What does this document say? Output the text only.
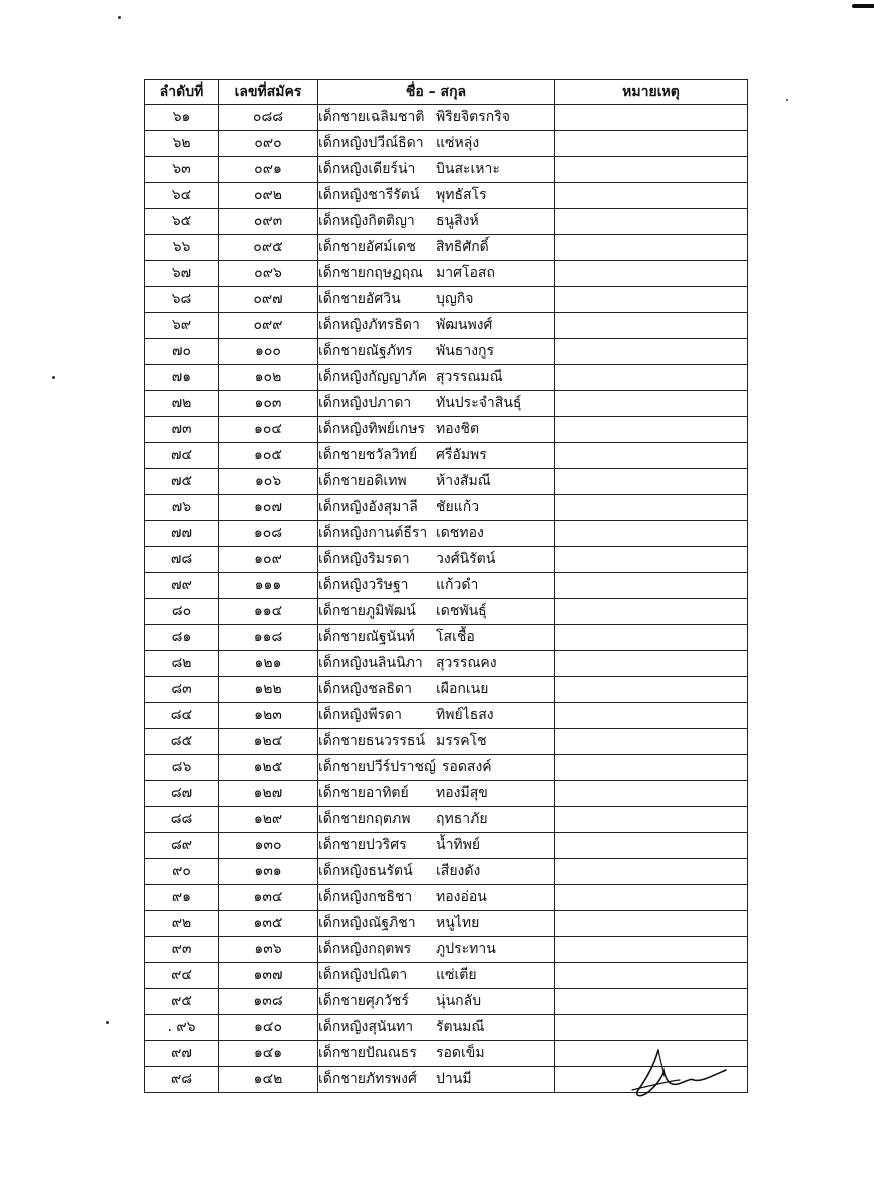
ลำดับที่	เลขที่สมัคร	ชื่อ – สกุล	หมายเหตุ
๖๑	๐๘๘	เด็กชายเฉลิมชาติ พิริยจิตรกริจ	
๖๒	๐๙๐	เด็กหญิงปวีณ์ธิดา แซ่หลุ่ง	
๖๓	๐๙๑	เด็กหญิงเดียร์น่า บินสะเหาะ	
๖๔	๐๙๒	เด็กหญิงชารีรัตน์ พุทธัสโร	
๖๕	๐๙๓	เด็กหญิงกิตติญา ธนูสิงห์	
๖๖	๐๙๕	เด็กชายอัศม์เดช สิทธิศักดิ์	
๖๗	๐๙๖	เด็กชายกฤษฏฤณ มาศโอสถ	
๖๘	๐๙๗	เด็กชายอัศวิน บุญกิจ	
๖๙	๐๙๙	เด็กหญิงภัทรธิดา พัฒนพงศ์	
๗๐	๑๐๐	เด็กชายณัฐภัทร พันธางกูร	
๗๑	๑๐๒	เด็กหญิงกัญญาภัค สุวรรณมณี	
๗๒	๑๐๓	เด็กหญิงปภาดา ทันประจำสินธุ์	
๗๓	๑๐๔	เด็กหญิงทิพย์เกษร ทองชิต	
๗๔	๑๐๕	เด็กชายชวัลวิทย์ ศรีอัมพร	
๗๕	๑๐๖	เด็กชายอดิเทพ ห้างสัมณี	
๗๖	๑๐๗	เด็กหญิงอังสุมาลี ชัยแก้ว	
๗๗	๑๐๘	เด็กหญิงกานต์ธีรา เดชทอง	
๗๘	๑๐๙	เด็กหญิงริมรดา วงศ์นิรัตน์	
๗๙	๑๑๑	เด็กหญิงวริษฐา แก้วดำ	
๘๐	๑๑๔	เด็กชายภูมิพัฒน์ เดชพันธุ์	
๘๑	๑๑๘	เด็กชายณัฐนันท์ โสเชื้อ	
๘๒	๑๒๑	เด็กหญิงนลินนิภา สุวรรณคง	
๘๓	๑๒๒	เด็กหญิงชลธิดา เผือกเนย	
๘๔	๑๒๓	เด็กหญิงพีรดา ทิพย์ไธสง	
๘๕	๑๒๔	เด็กชายธนวรรธน์ มรรคโช	
๘๖	๑๒๕	เด็กชายปวีร์ปราชญ์ รอดสงค์	
๘๗	๑๒๗	เด็กชายอาทิตย์ ทองมีสุข	
๘๘	๑๒๙	เด็กชายกฤตภพ ฤทธาภัย	
๘๙	๑๓๐	เด็กชายปวริศร น้ำทิพย์	
๙๐	๑๓๑	เด็กหญิงธนรัตน์ เสียงดัง	
๙๑	๑๓๔	เด็กหญิงกชธิชา ทองอ่อน	
๙๒	๑๓๕	เด็กหญิงณัฐภิชา หนูไทย	
๙๓	๑๓๖	เด็กหญิงกฤตพร ภูประทาน	
๙๔	๑๓๗	เด็กหญิงปณิตา แซ่เตีย	
๙๕	๑๓๘	เด็กชายศุภวัชร์ นุ่นกลับ	
. ๙๖	๑๔๐	เด็กหญิงสุนันทา รัตนมณี	
๙๗	๑๔๑	เด็กชายปัณณธร รอดเข็ม	
๙๘	๑๔๒	เด็กชายภัทรพงศ์ ปานมี	
